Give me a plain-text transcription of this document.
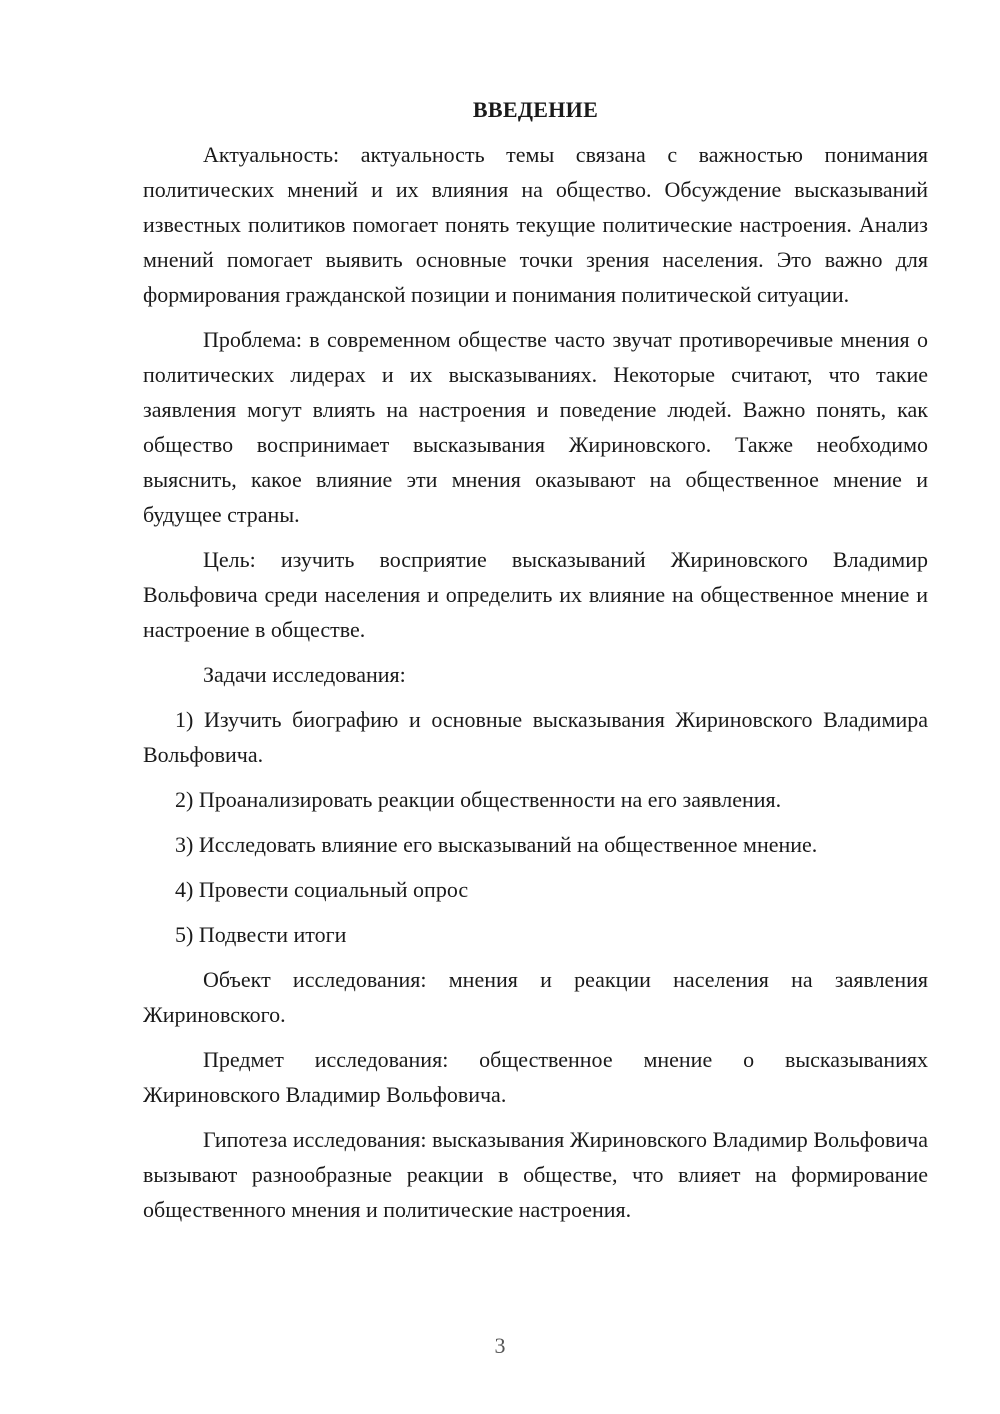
ВВЕДЕНИЕ

Актуальность: актуальность темы связана с важностью понимания политических мнений и их влияния на общество. Обсуждение высказываний известных политиков помогает понять текущие политические настроения. Анализ мнений помогает выявить основные точки зрения населения. Это важно для формирования гражданской позиции и понимания политической ситуации.

Проблема: в современном обществе часто звучат противоречивые мнения о политических лидерах и их высказываниях. Некоторые считают, что такие заявления могут влиять на настроения и поведение людей. Важно понять, как общество воспринимает высказывания Жириновского. Также необходимо выяснить, какое влияние эти мнения оказывают на общественное мнение и будущее страны.

Цель: изучить восприятие высказываний Жириновского Владимир Вольфовича среди населения и определить их влияние на общественное мнение и настроение в обществе.

Задачи исследования:

1) Изучить биографию и основные высказывания Жириновского Владимира Вольфовича.

2) Проанализировать реакции общественности на его заявления.

3) Исследовать влияние его высказываний на общественное мнение.

4) Провести социальный опрос

5) Подвести итоги

Объект исследования: мнения и реакции населения на заявления Жириновского.

Предмет исследования: общественное мнение о высказываниях Жириновского Владимир Вольфовича.

Гипотеза исследования: высказывания Жириновского Владимир Вольфовича вызывают разнообразные реакции в обществе, что влияет на формирование общественного мнения и политические настроения.

3
